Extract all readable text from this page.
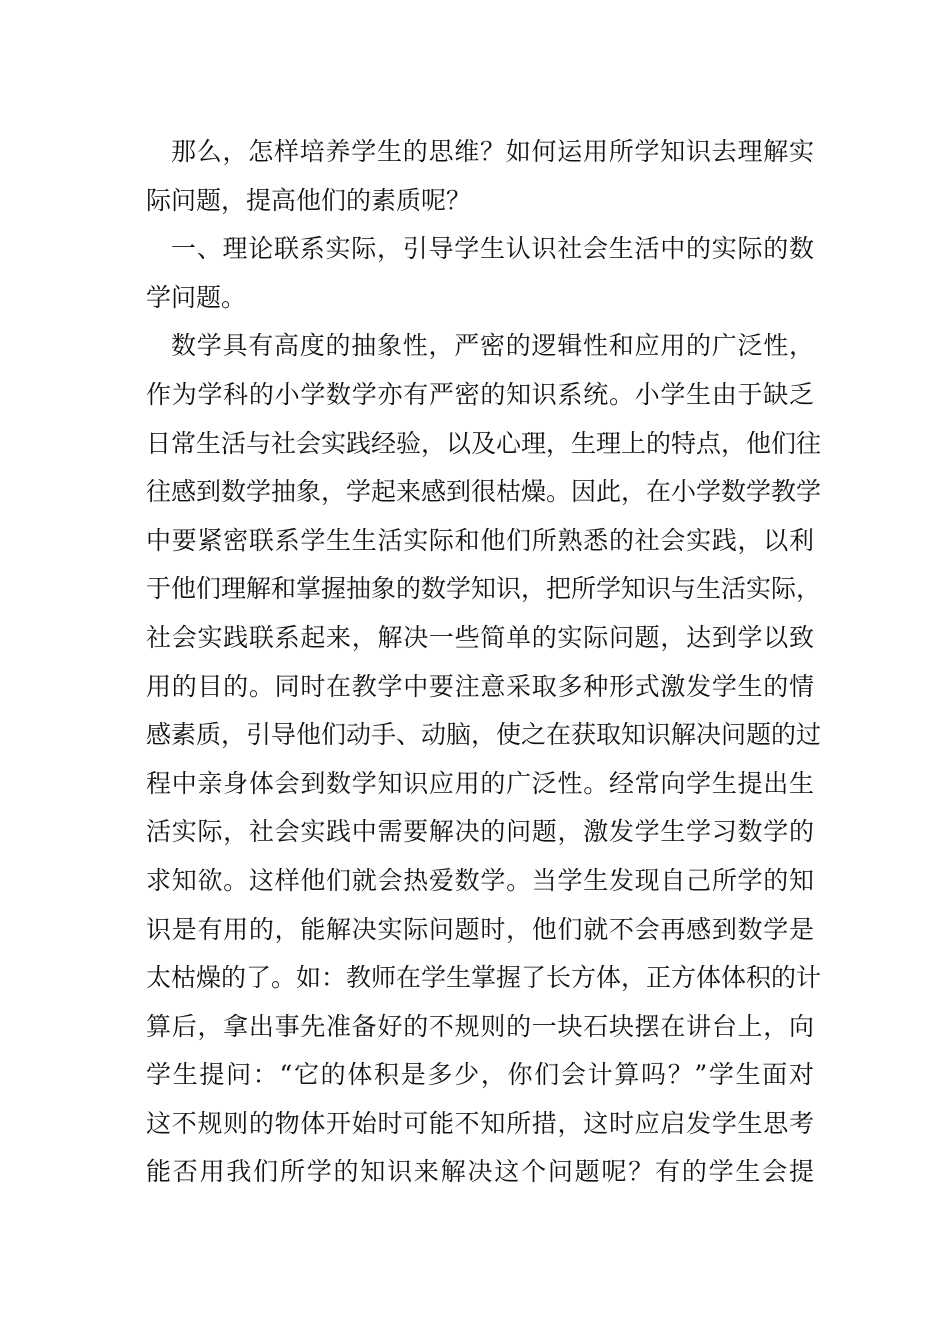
那么，怎样培养学生的思维？如何运用所学知识去理解实
际问题，提高他们的素质呢？
一、理论联系实际，引导学生认识社会生活中的实际的数
学问题。
数学具有高度的抽象性，严密的逻辑性和应用的广泛性，
作为学科的小学数学亦有严密的知识系统。小学生由于缺乏
日常生活与社会实践经验，以及心理，生理上的特点，他们往
往感到数学抽象，学起来感到很枯燥。因此，在小学数学教学
中要紧密联系学生生活实际和他们所熟悉的社会实践，以利
于他们理解和掌握抽象的数学知识，把所学知识与生活实际，
社会实践联系起来，解决一些简单的实际问题，达到学以致
用的目的。同时在教学中要注意采取多种形式激发学生的情
感素质，引导他们动手、动脑，使之在获取知识解决问题的过
程中亲身体会到数学知识应用的广泛性。经常向学生提出生
活实际，社会实践中需要解决的问题，激发学生学习数学的
求知欲。这样他们就会热爱数学。当学生发现自己所学的知
识是有用的，能解决实际问题时，他们就不会再感到数学是
太枯燥的了。如：教师在学生掌握了长方体，正方体体积的计
算后，拿出事先准备好的不规则的一块石块摆在讲台上，向
学生提问：“它的体积是多少，你们会计算吗？”学生面对
这不规则的物体开始时可能不知所措，这时应启发学生思考
能否用我们所学的知识来解决这个问题呢？有的学生会提
